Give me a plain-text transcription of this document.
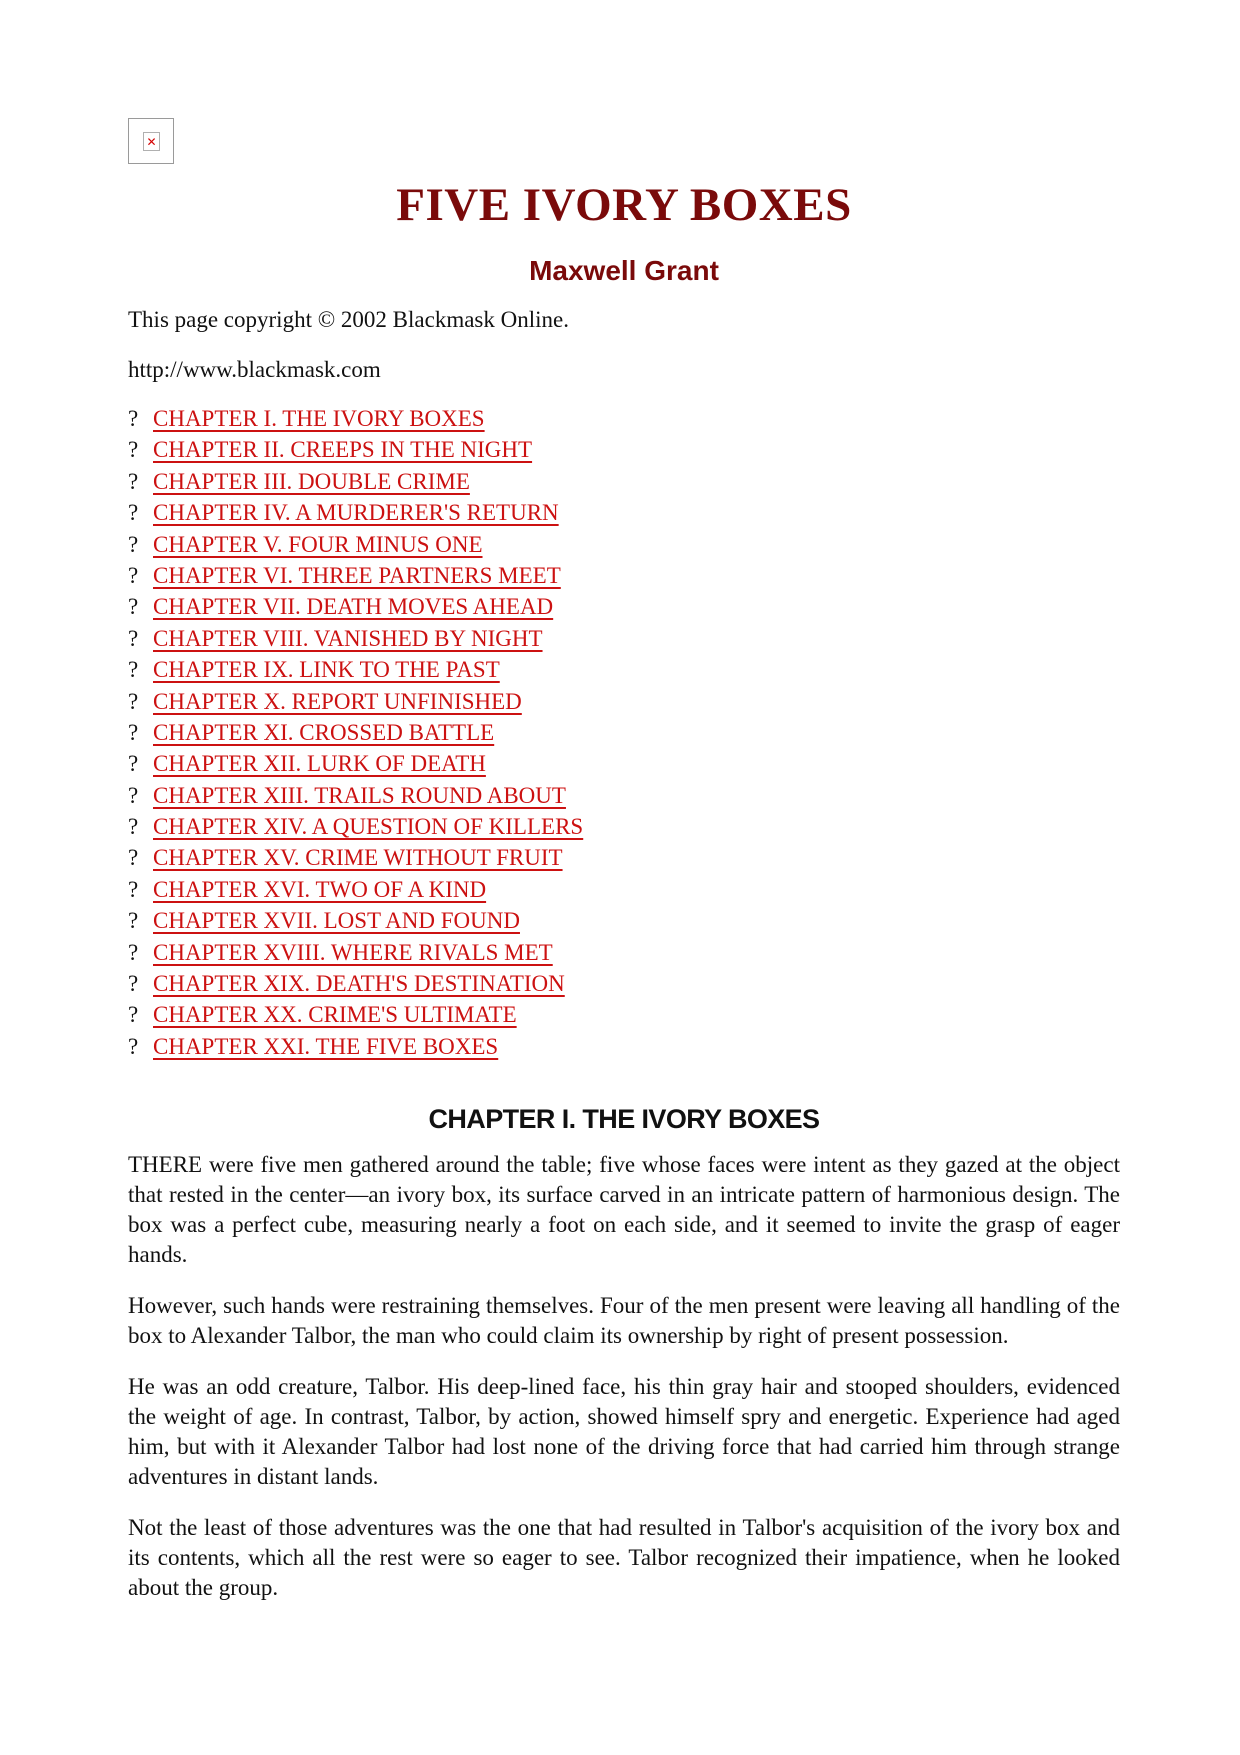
✕
FIVE IVORY BOXES
Maxwell Grant

This page copyright © 2002 Blackmask Online.

http://www.blackmask.com

? CHAPTER I. THE IVORY BOXES
? CHAPTER II. CREEPS IN THE NIGHT
? CHAPTER III. DOUBLE CRIME
? CHAPTER IV. A MURDERER'S RETURN
? CHAPTER V. FOUR MINUS ONE
? CHAPTER VI. THREE PARTNERS MEET
? CHAPTER VII. DEATH MOVES AHEAD
? CHAPTER VIII. VANISHED BY NIGHT
? CHAPTER IX. LINK TO THE PAST
? CHAPTER X. REPORT UNFINISHED
? CHAPTER XI. CROSSED BATTLE
? CHAPTER XII. LURK OF DEATH
? CHAPTER XIII. TRAILS ROUND ABOUT
? CHAPTER XIV. A QUESTION OF KILLERS
? CHAPTER XV. CRIME WITHOUT FRUIT
? CHAPTER XVI. TWO OF A KIND
? CHAPTER XVII. LOST AND FOUND
? CHAPTER XVIII. WHERE RIVALS MET
? CHAPTER XIX. DEATH'S DESTINATION
? CHAPTER XX. CRIME'S ULTIMATE
? CHAPTER XXI. THE FIVE BOXES
CHAPTER I. THE IVORY BOXES

THERE were five men gathered around the table; five whose faces were intent as they gazed at the object that rested in the center—an ivory box, its surface carved in an intricate pattern of harmonious design. The box was a perfect cube, measuring nearly a foot on each side, and it seemed to invite the grasp of eager hands.

However, such hands were restraining themselves. Four of the men present were leaving all handling of the box to Alexander Talbor, the man who could claim its ownership by right of present possession.

He was an odd creature, Talbor. His deep-lined face, his thin gray hair and stooped shoulders, evidenced the weight of age. In contrast, Talbor, by action, showed himself spry and energetic. Experience had aged him, but with it Alexander Talbor had lost none of the driving force that had carried him through strange adventures in distant lands.

Not the least of those adventures was the one that had resulted in Talbor's acquisition of the ivory box and its contents, which all the rest were so eager to see. Talbor recognized their impatience, when he looked about the group.
